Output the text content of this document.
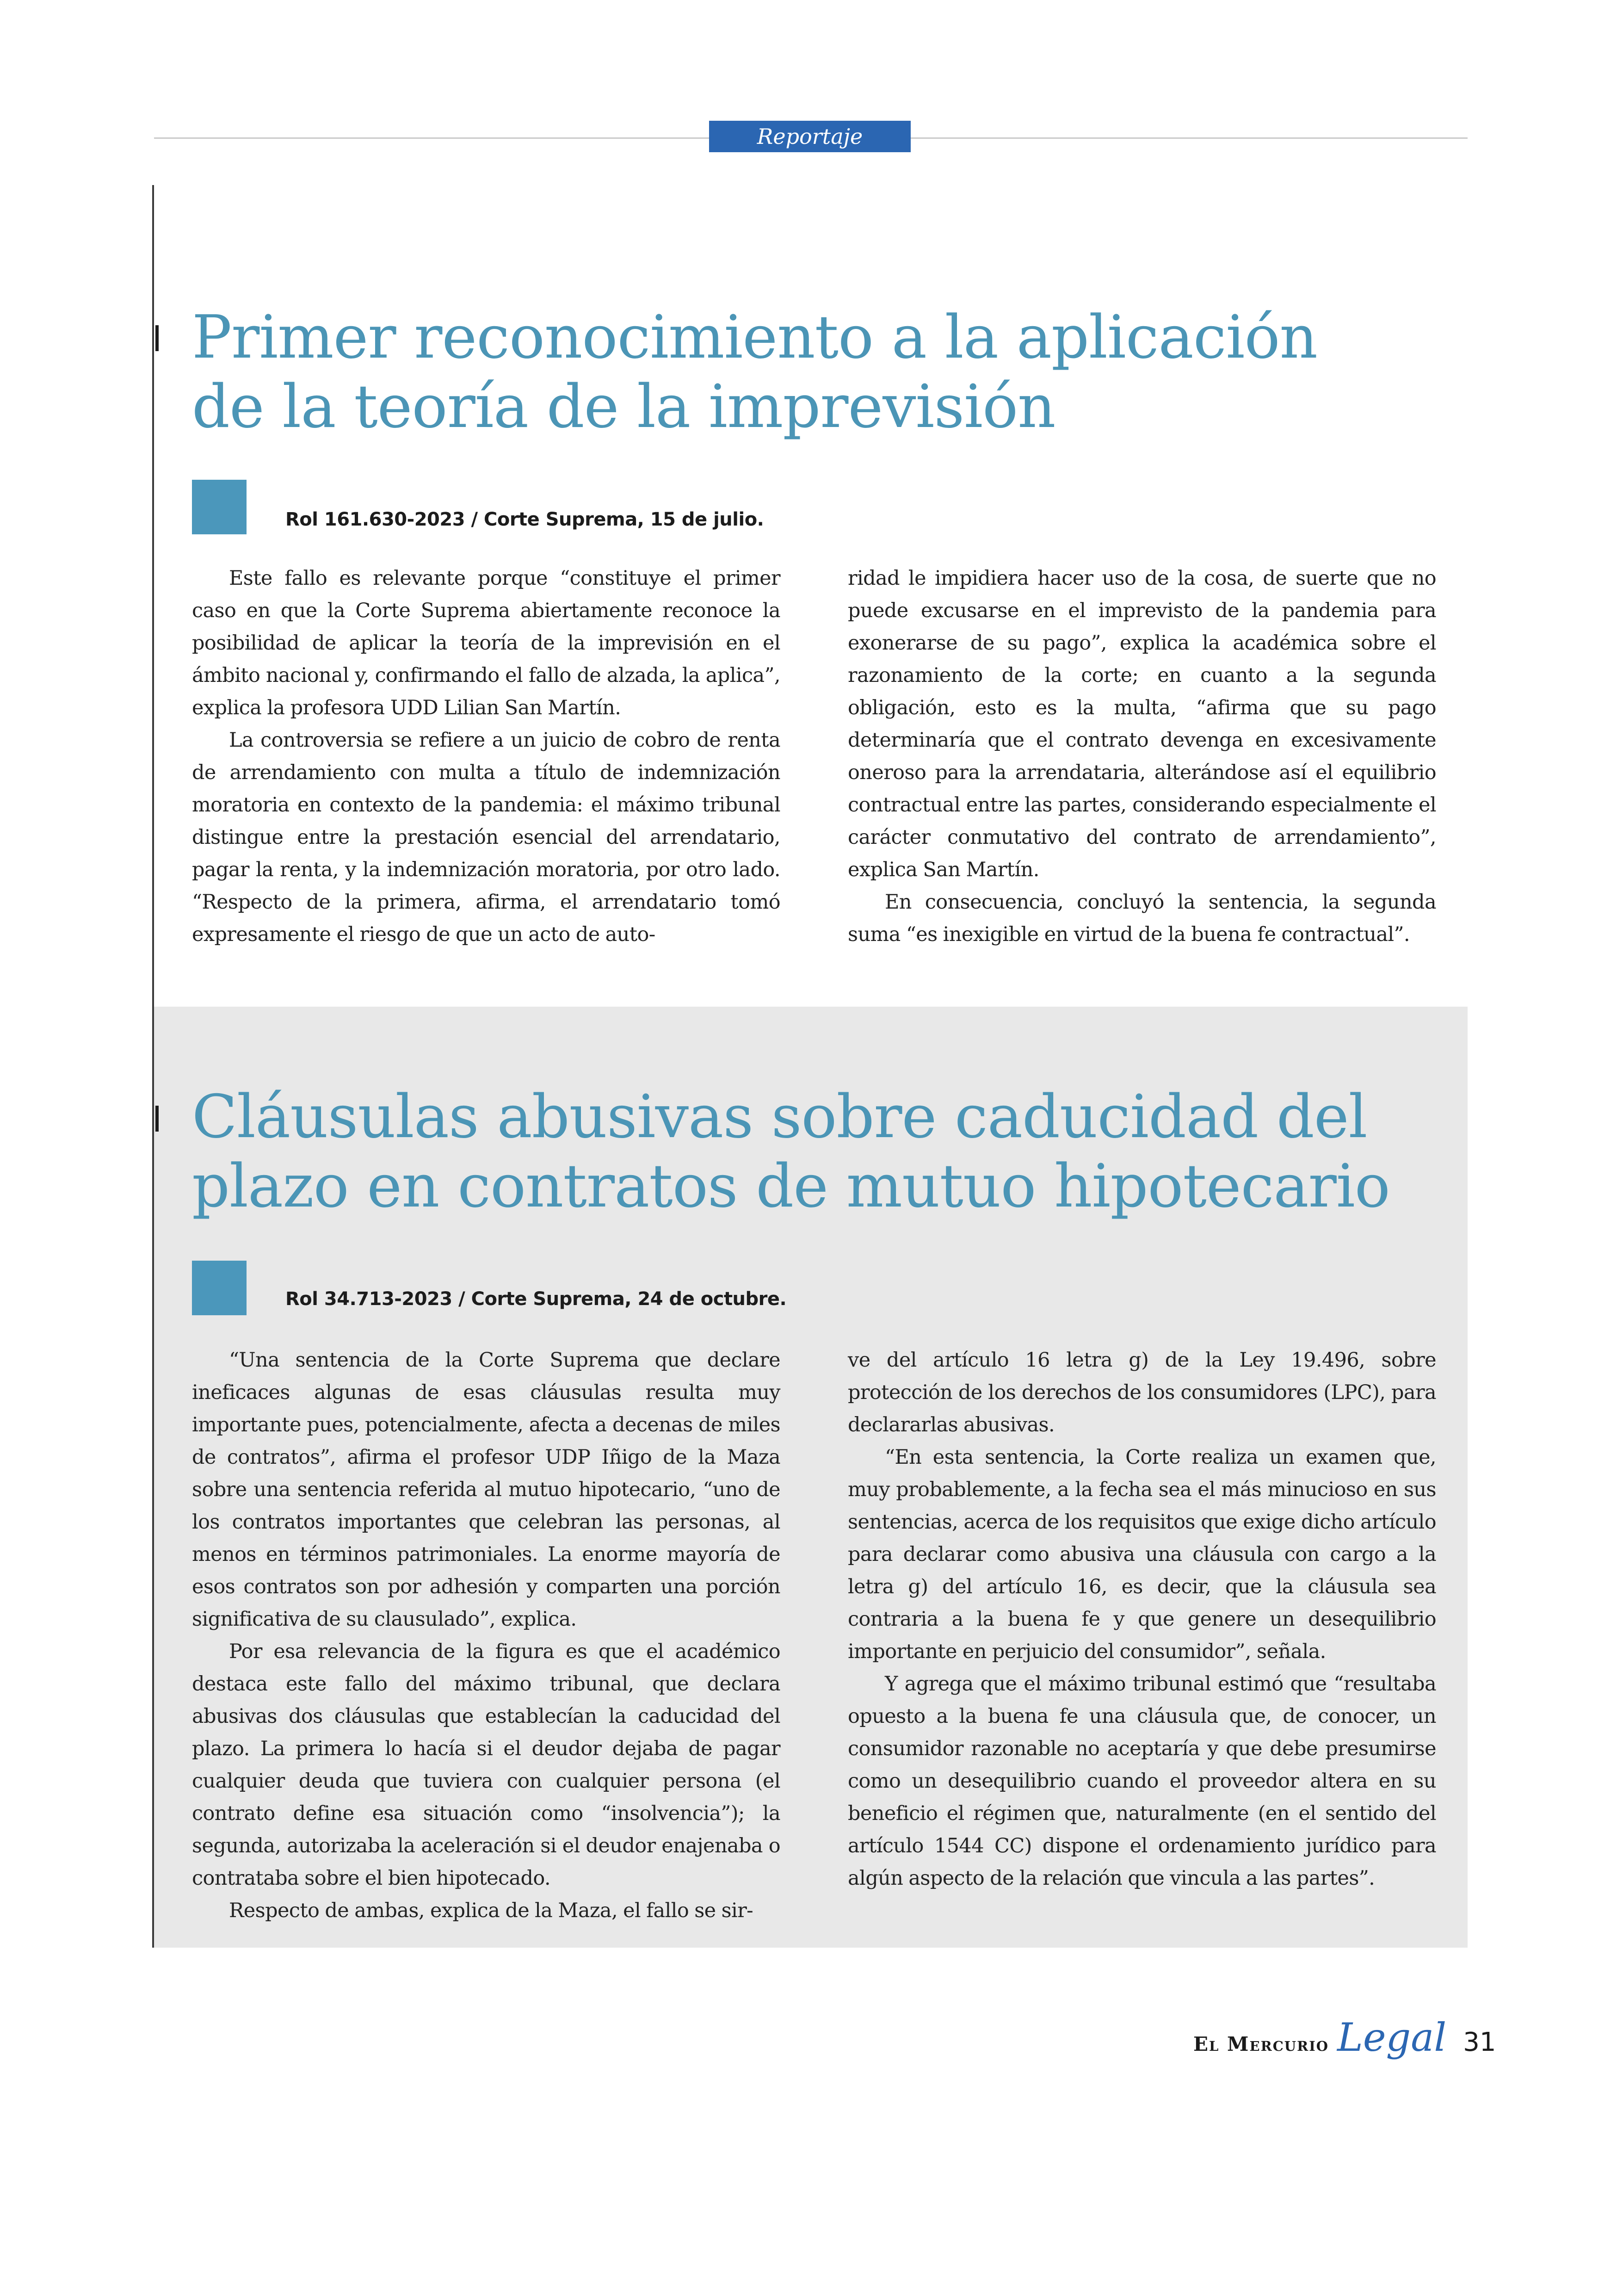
Reportaje
Primer reconocimiento a la aplicación
de la teoría de la imprevisión

Rol 161.630-2023 / Corte Suprema, 15 de julio.

Este fallo es relevante porque “constituye el primer caso en que la Corte Suprema abiertamente reconoce la posibilidad de aplicar la teoría de la imprevisión en el ámbito nacional y, confirmando el fallo de alzada, la aplica”, explica la profesora UDD Lilian San Martín.

La controversia se refiere a un juicio de cobro de renta de arrendamiento con multa a título de indemnización moratoria en contexto de la pandemia: el máximo tribunal distingue entre la prestación esencial del arrendatario, pagar la renta, y la indemnización moratoria, por otro lado. “Respecto de la primera, afirma, el arrendatario tomó expresamente el riesgo de que un acto de auto-

ridad le impidiera hacer uso de la cosa, de suerte que no puede excusarse en el imprevisto de la pandemia para exonerarse de su pago”, explica la académica sobre el razonamiento de la corte; en cuanto a la segunda obligación, esto es la multa, “afirma que su pago determinaría que el contrato devenga en excesivamente oneroso para la arrendataria, alterándose así el equilibrio contractual entre las partes, considerando especialmente el carácter conmutativo del contrato de arrendamiento”, explica San Martín.

En consecuencia, concluyó la sentencia, la segunda suma “es inexigible en virtud de la buena fe contractual”.

Cláusulas abusivas sobre caducidad del
plazo en contratos de mutuo hipotecario

Rol 34.713-2023 / Corte Suprema, 24 de octubre.

“Una sentencia de la Corte Suprema que declare ineficaces algunas de esas cláusulas resulta muy importante pues, potencialmente, afecta a decenas de miles de contratos”, afirma el profesor UDP Iñigo de la Maza sobre una sentencia referida al mutuo hipotecario, “uno de los contratos importantes que celebran las personas, al menos en términos patrimoniales. La enorme mayoría de esos contratos son por adhesión y comparten una porción significativa de su clausulado”, explica.

Por esa relevancia de la figura es que el académico destaca este fallo del máximo tribunal, que declara abusivas dos cláusulas que establecían la caducidad del plazo. La primera lo hacía si el deudor dejaba de pagar cualquier deuda que tuviera con cualquier persona (el contrato define esa situación como “insolvencia”); la segunda, autorizaba la aceleración si el deudor enajenaba o contrataba sobre el bien hipotecado.

Respecto de ambas, explica de la Maza, el fallo se sir-

ve del artículo 16 letra g) de la Ley 19.496, sobre protección de los derechos de los consumidores (LPC), para declararlas abusivas.

“En esta sentencia, la Corte realiza un examen que, muy probablemente, a la fecha sea el más minucioso en sus sentencias, acerca de los requisitos que exige dicho artículo para declarar como abusiva una cláusula con cargo a la letra g) del artículo 16, es decir, que la cláusula sea contraria a la buena fe y que genere un desequilibrio importante en perjuicio del consumidor”, señala.

Y agrega que el máximo tribunal estimó que “resultaba opuesto a la buena fe una cláusula que, de conocer, un consumidor razonable no aceptaría y que debe presumirse como un desequilibrio cuando el proveedor altera en su beneficio el régimen que, naturalmente (en el sentido del artículo 1544 CC) dispone el ordenamiento jurídico para algún aspecto de la relación que vincula a las partes”.

El Mercurio Legal 31
